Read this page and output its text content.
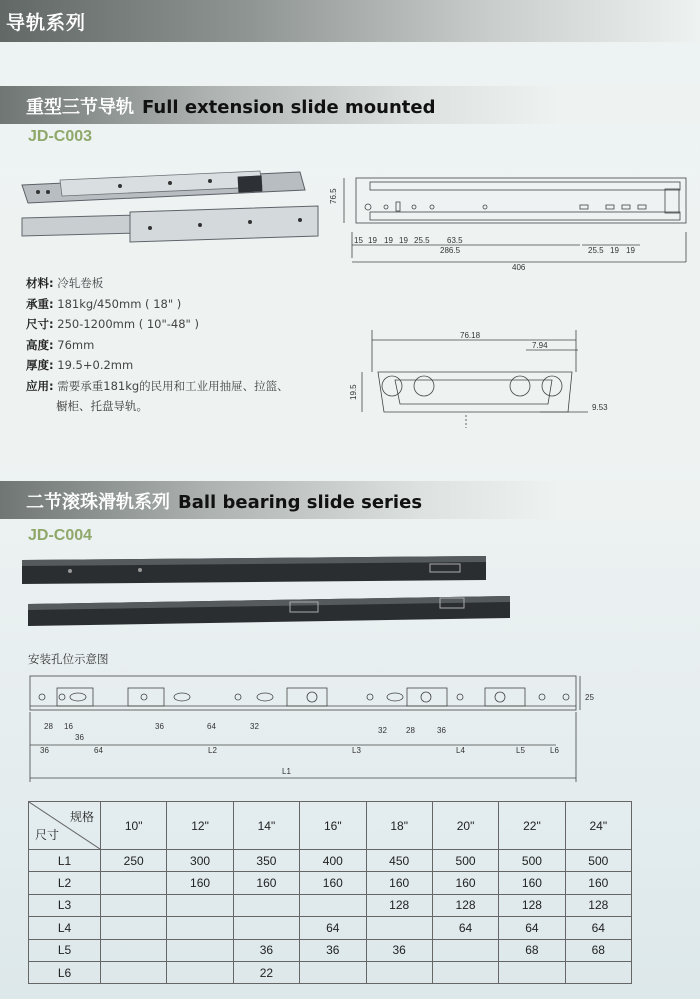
导轨系列
重型三节导轨 Full extension slide mounted
JD-C003
76.5
15 19 19 19 25.5 63.5
286.5	25.5 19 19
406
76.18
7.94
19.5
9.53
材料: 冷轧卷板
承重: 181kg/450mm ( 18" )
尺寸: 250-1200mm ( 10"-48" )
高度: 76mm
厚度: 19.5+0.2mm
应用: 需要承重181kg的民用和工业用抽屉、拉篮、
橱柜、托盘导轨。
二节滚珠滑轨系列 Ball bearing slide series
JD-C004
25
28 16
36
36	64	32	32 28	36
36	64	L2	L3	L4	L5	L6
L1
安装孔位示意图
规格
尺寸	10"	12"	14"	16"	18"	20"	22"	24"
L1	250	300	350	400	450	500	500	500
L2		160	160	160	160	160	160	160
L3					128	128	128	128
L4				64		64	64	64
L5			36	36	36		68	68
L6			22					
